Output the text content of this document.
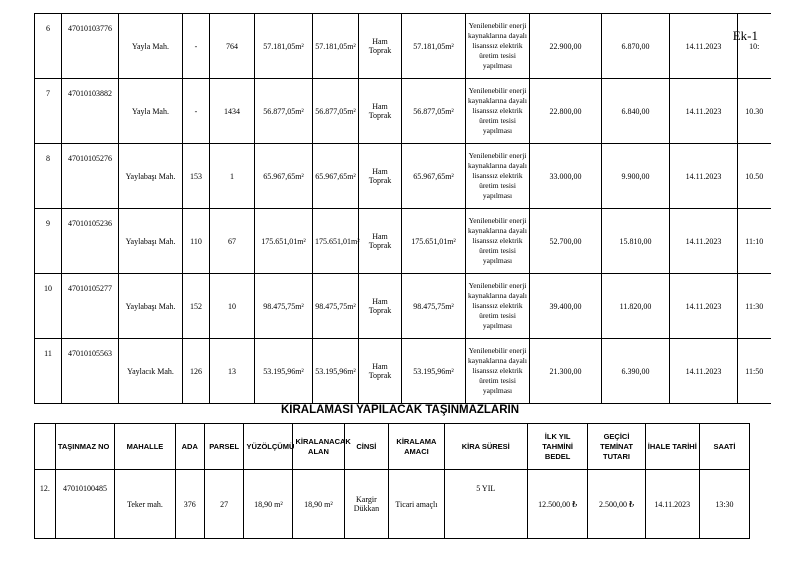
Ek-1
6	47010103776	Yayla Mah.	-	764	57.181,05m²	57.181,05m²	Ham Toprak	57.181,05m²	Yenilenebilir enerji kaynaklarına dayalı lisanssız elektrik üretim tesisi yapılması	22.900,00	6.870,00	14.11.2023	10:
7	47010103882	Yayla Mah.	-	1434	56.877,05m²	56.877,05m²	Ham Toprak	56.877,05m²	Yenilenebilir enerji kaynaklarına dayalı lisanssız elektrik üretim tesisi yapılması	22.800,00	6.840,00	14.11.2023	10.30
8	47010105276	Yaylabaşı Mah.	153	1	65.967,65m²	65.967,65m²	Ham Toprak	65.967,65m²	Yenilenebilir enerji kaynaklarına dayalı lisanssız elektrik üretim tesisi yapılması	33.000,00	9.900,00	14.11.2023	10.50
9	47010105236	Yaylabaşı Mah.	110	67	175.651,01m²	175.651,01m²	Ham Toprak	175.651,01m²	Yenilenebilir enerji kaynaklarına dayalı lisanssız elektrik üretim tesisi yapılması	52.700,00	15.810,00	14.11.2023	11:10
10	47010105277	Yaylabaşı Mah.	152	10	98.475,75m²	98.475,75m²	Ham Toprak	98.475,75m²	Yenilenebilir enerji kaynaklarına dayalı lisanssız elektrik üretim tesisi yapılması	39.400,00	11.820,00	14.11.2023	11:30
11	47010105563	Yaylacık Mah.	126	13	53.195,96m²	53.195,96m²	Ham Toprak	53.195,96m²	Yenilenebilir enerji kaynaklarına dayalı lisanssız elektrik üretim tesisi yapılması	21.300,00	6.390,00	14.11.2023	11:50
KİRALAMASI YAPILACAK TAŞINMAZLARIN
	TAŞINMAZ NO	MAHALLE	ADA	PARSEL	YÜZÖLÇÜMÜ	KİRALANACAK ALAN	CİNSİ	KİRALAMA AMACI	KİRA SÜRESİ	İLK YIL TAHMİNİ BEDEL	GEÇİCİ TEMİNAT TUTARI	İHALE TARİHİ	SAATİ
12.	47010100485	Teker mah.	376	27	18,90 m²	18,90 m²	Kargir Dükkan	Ticari amaçlı	5 YIL	12.500,00 ₺	2.500,00 ₺	14.11.2023	13:30
